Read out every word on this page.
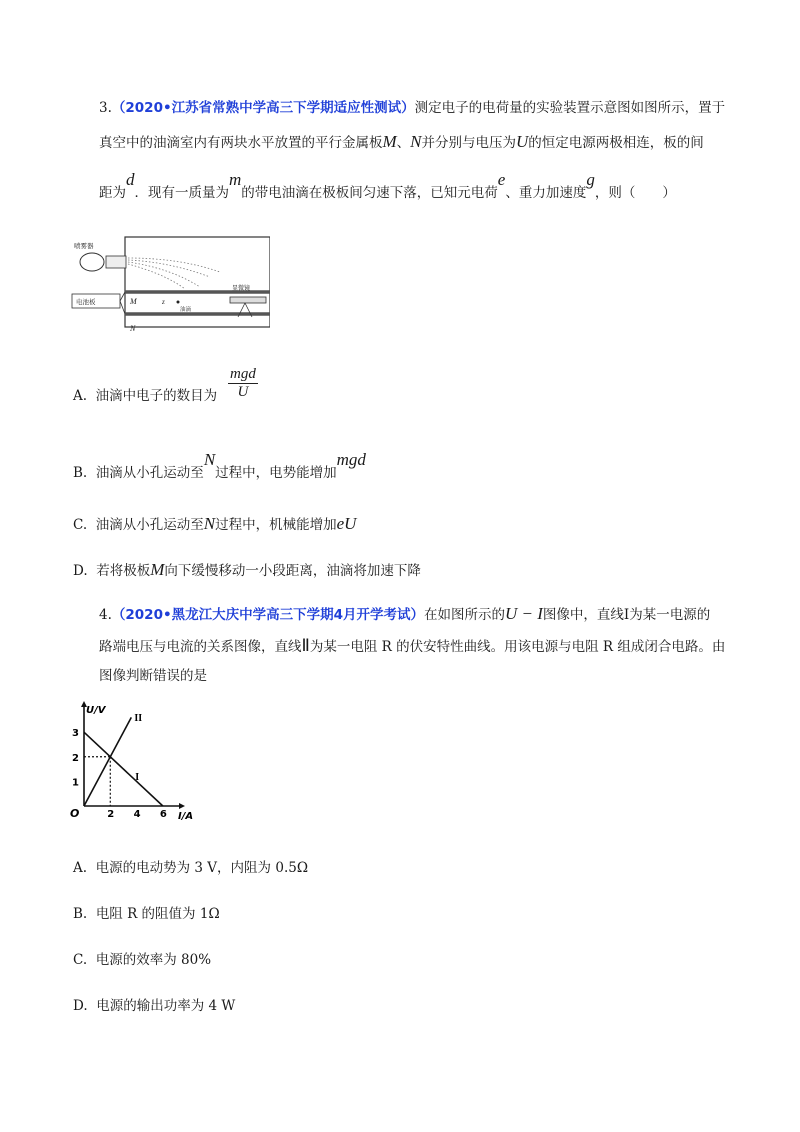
3.（2020•江苏省常熟中学高三下学期适应性测试）测定电子的电荷量的实验装置示意图如图所示，置于
真空中的油滴室内有两块水平放置的平行金属板M、N并分别与电压为U的恒定电源两极相连，板的间
距为d．现有一质量为m的带电油滴在极板间匀速下落，已知元电荷e、重力加速度g，则（　　）
电池板
喷雾器
M
N
z
油滴
显微镜
A. 油滴中电子的数目为
mgd
U
B. 油滴从小孔运动至N过程中，电势能增加mgd
C. 油滴从小孔运动至N过程中，机械能增加eU
D. 若将极板M向下缓慢移动一小段距离，油滴将加速下降
4.（2020•黑龙江大庆中学高三下学期4月开学考试）在如图所示的U − I图像中，直线Ⅰ为某一电源的
路端电压与电流的关系图像，直线Ⅱ为某一电阻 R 的伏安特性曲线。用该电源与电阻 R 组成闭合电路。由
图像判断错误的是
U/V
I/A
O	2 4 6
1
2
3
I
II
A. 电源的电动势为 3 V，内阻为 0.5Ω
B. 电阻 R 的阻值为 1Ω
C. 电源的效率为 80%
D. 电源的输出功率为 4 W
